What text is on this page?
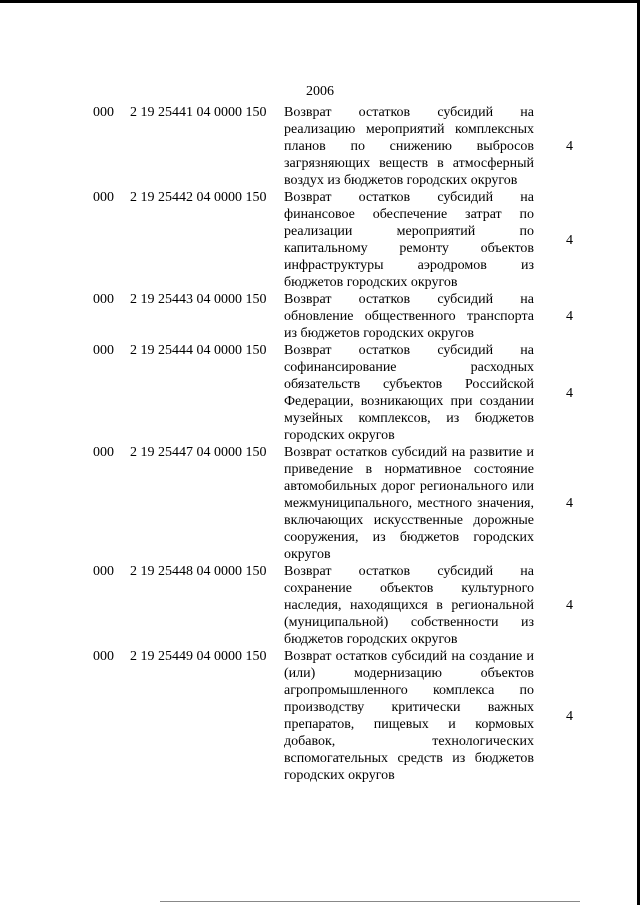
2006
000 2 19 25441 04 0000 150 Возврат остатков субсидий на реализацию мероприятий комплексных планов по снижению выбросов загрязняющих веществ в атмосферный воздух из бюджетов городских округов
4
000 2 19 25442 04 0000 150 Возврат остатков субсидий на финансовое обеспечение затрат по реализации мероприятий по капитальному ремонту объектов инфраструктуры аэродромов из бюджетов городских округов
4
000 2 19 25443 04 0000 150 Возврат остатков субсидий на обновление общественного транспорта из бюджетов городских округов
4
000 2 19 25444 04 0000 150 Возврат остатков субсидий на софинансирование расходных обязательств субъектов Российской Федерации, возникающих при создании музейных комплексов, из бюджетов городских округов
4
000 2 19 25447 04 0000 150 Возврат остатков субсидий на развитие и приведение в нормативное состояние автомобильных дорог регионального или межмуниципального, местного значения, включающих искусственные дорожные сооружения, из бюджетов городских округов
4
000 2 19 25448 04 0000 150 Возврат остатков субсидий на сохранение объектов культурного наследия, находящихся в региональной (муниципальной) собственности из бюджетов городских округов
4
000 2 19 25449 04 0000 150 Возврат остатков субсидий на создание и (или) модернизацию объектов агропромышленного комплекса по производству критически важных препаратов, пищевых и кормовых добавок, технологических вспомогательных средств из бюджетов городских округов
4
